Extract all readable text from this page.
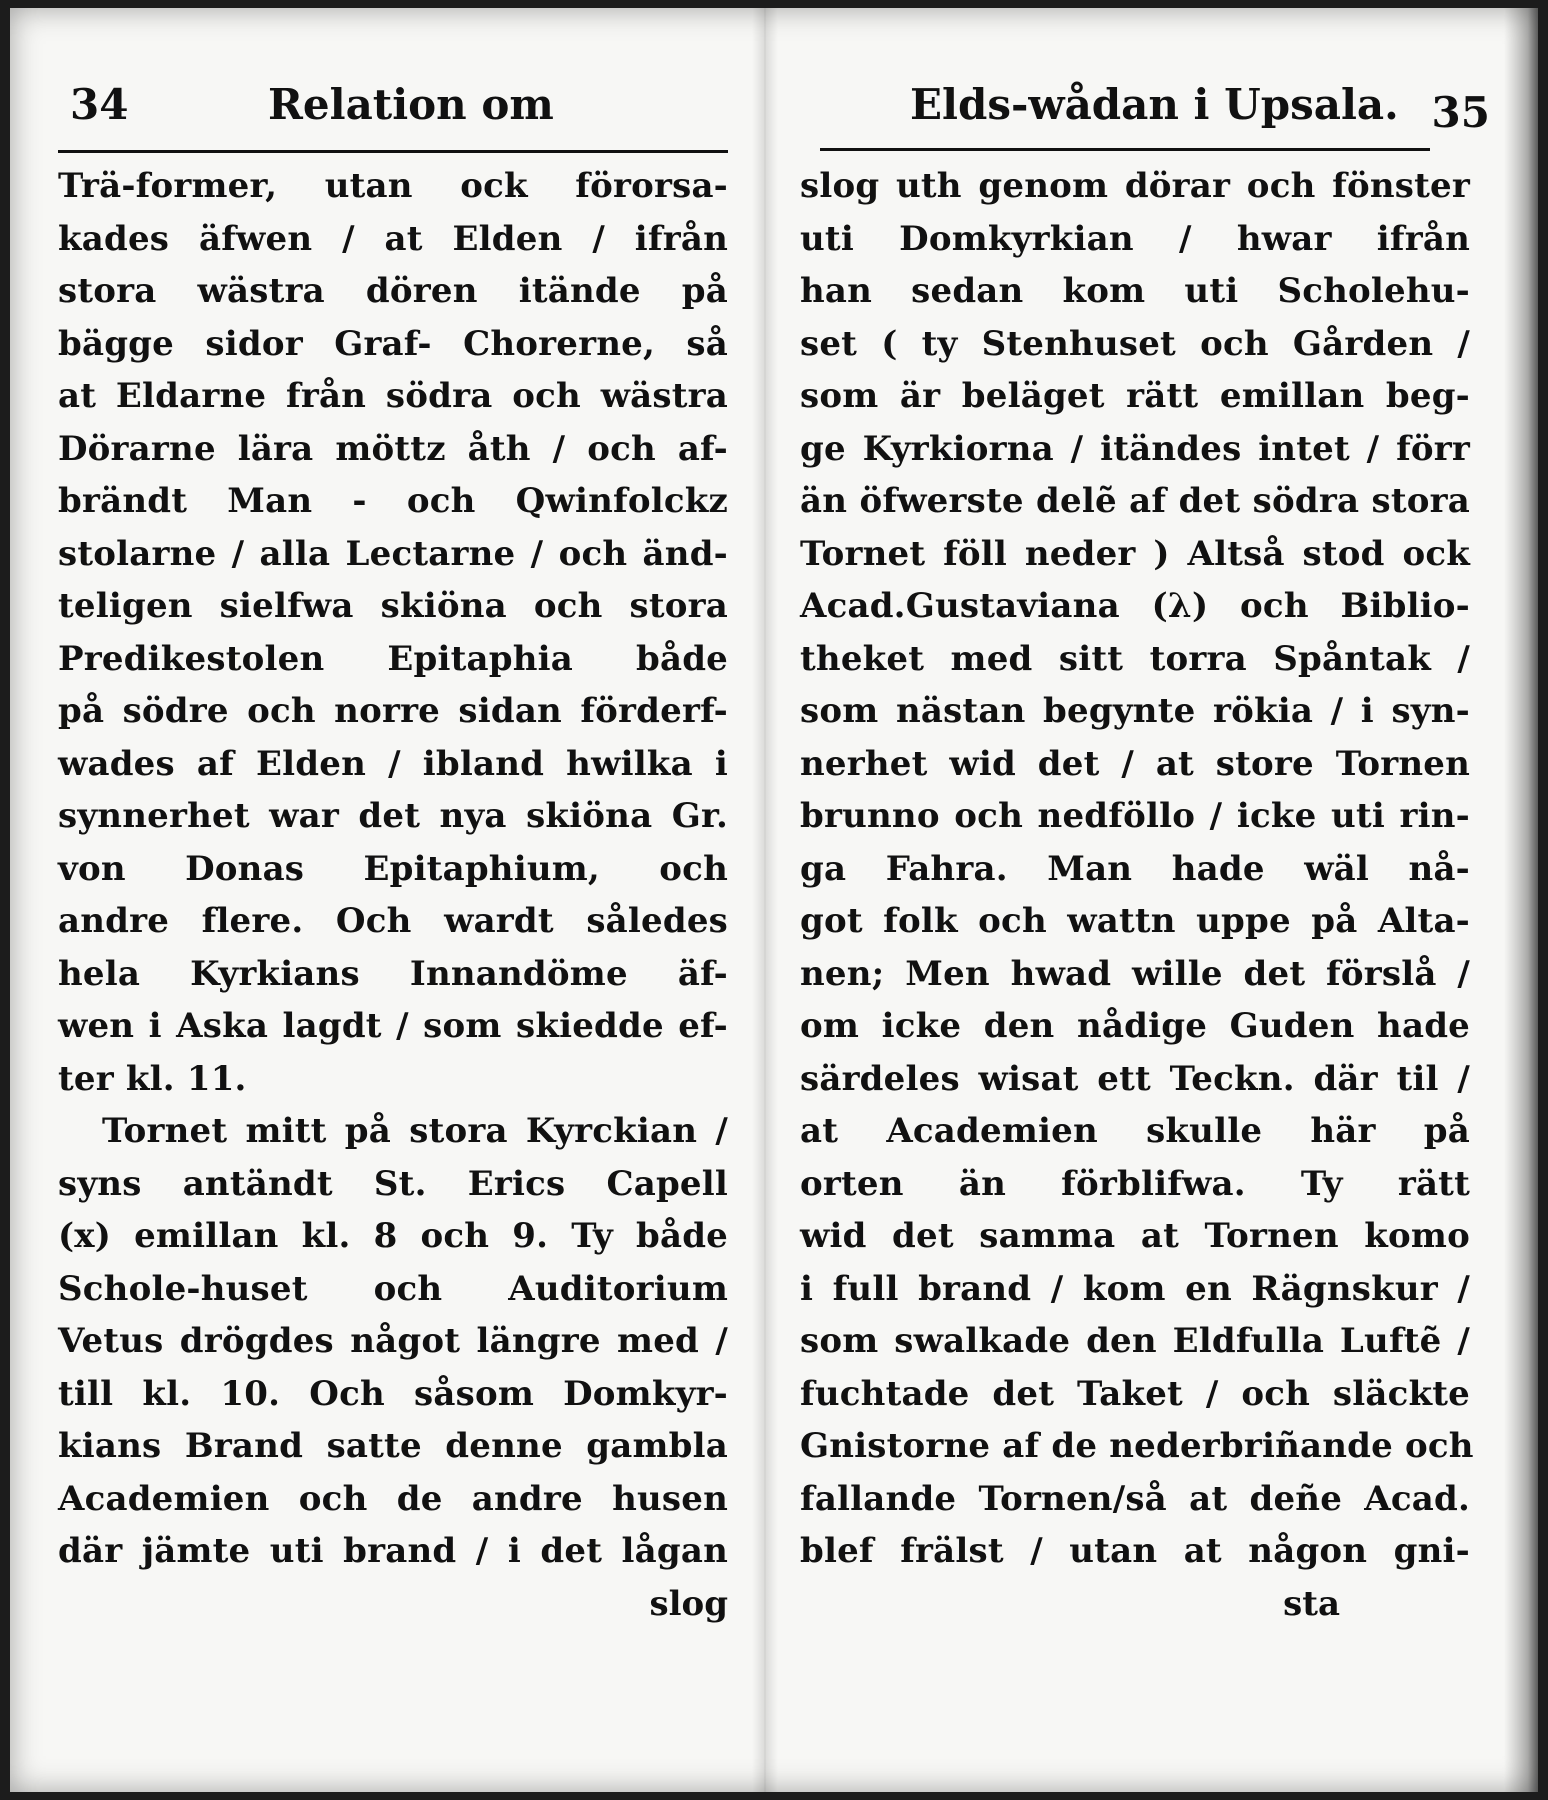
34	Relation om
Trä-former, utan ock förorsa-
kades äfwen / at Elden / ifrån
stora wästra dören itände på
bägge sidor Graf- Chorerne, så
at Eldarne från södra och wästra
Dörarne lära möttz åth / och af-
brändt Man - och Qwinfolckz
stolarne / alla Lectarne / och änd-
teligen sielfwa skiöna och stora
Predikestolen Epitaphia både
på södre och norre sidan förderf-
wades af Elden / ibland hwilka i
synnerhet war det nya skiöna Gr.
von Donas Epitaphium, och
andre flere. Och wardt således
hela Kyrkians Innandöme äf-
wen i Aska lagdt / som skiedde ef-
ter kl. 11.
Tornet mitt på stora Kyrckian /
syns antändt St. Erics Capell
(x) emillan kl. 8 och 9. Ty både
Schole-huset och Auditorium
Vetus drögdes något längre med /
till kl. 10. Och såsom Domkyr-
kians Brand satte denne gambla
Academien och de andre husen
där jämte uti brand / i det lågan
slog
Elds-wådan i Upsala. 35
slog uth genom dörar och fönster
uti Domkyrkian / hwar ifrån
han sedan kom uti Scholehu-
set ( ty Stenhuset och Gården /
som är beläget rätt emillan beg-
ge Kyrkiorna / itändes intet / förr
än öfwerste delẽ af det södra stora
Tornet föll neder ) Altså stod ock
Acad.Gustaviana (λ) och Biblio-
theket med sitt torra Spåntak /
som nästan begynte rökia / i syn-
nerhet wid det / at store Tornen
brunno och nedföllo / icke uti rin-
ga Fahra. Man hade wäl nå-
got folk och wattn uppe på Alta-
nen; Men hwad wille det förslå /
om icke den nådige Guden hade
särdeles wisat ett Teckn. där til /
at Academien skulle här på
orten än förblifwa. Ty rätt
wid det samma at Tornen komo
i full brand / kom en Rägnskur /
som swalkade den Eldfulla Luftẽ /
fuchtade det Taket / och släckte
Gnistorne af de nederbriñande och
fallande Tornen/så at deñe Acad.
blef frälst / utan at någon gni-
sta
